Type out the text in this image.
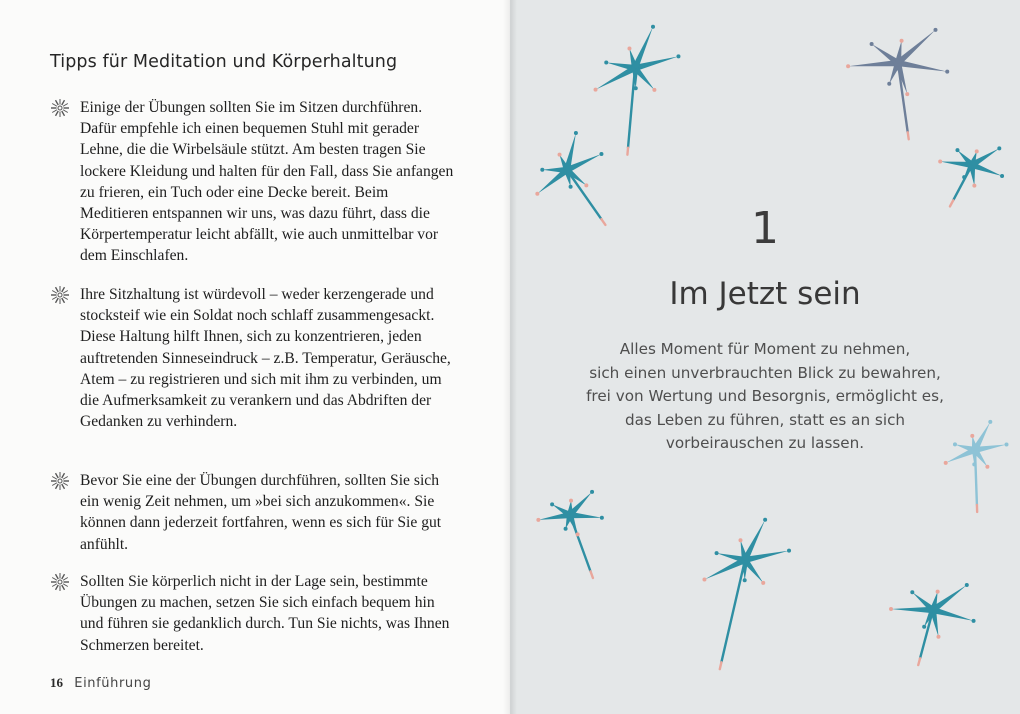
Tipps für Meditation und Körperhaltung

Einige der Übungen sollten Sie im Sitzen durchführen. Dafür empfehle ich einen bequemen Stuhl mit gerader Lehne, die die Wirbelsäule stützt. Am besten tragen Sie lockere Kleidung und halten für den Fall, dass Sie anfangen zu frieren, ein Tuch oder eine Decke bereit. Beim Meditieren entspannen wir uns, was dazu führt, dass die Körpertemperatur leicht abfällt, wie auch unmittelbar vor dem Einschlafen.

Ihre Sitzhaltung ist würdevoll – weder kerzengerade und stocksteif wie ein Soldat noch schlaff zusammengesackt. Diese Haltung hilft Ihnen, sich zu konzentrieren, jeden auftretenden Sinneseindruck – z.B. Temperatur, Geräusche, Atem – zu registrieren und sich mit ihm zu verbinden, um die Aufmerksamkeit zu verankern und das Abdriften der Gedanken zu verhindern.

Bevor Sie eine der Übungen durchführen, sollten Sie sich ein wenig Zeit nehmen, um »bei sich anzukommen«. Sie können dann jederzeit fortfahren, wenn es sich für Sie gut anfühlt.

Sollten Sie körperlich nicht in der Lage sein, bestimmte Übungen zu machen, setzen Sie sich einfach bequem hin und führen sie gedanklich durch. Tun Sie nichts, was Ihnen Schmerzen bereitet.

16 Einführung
1
Im Jetzt sein

Alles Moment für Moment zu nehmen,
sich einen unverbrauchten Blick zu bewahren,
frei von Wertung und Besorgnis, ermöglicht es,
das Leben zu führen, statt es an sich
vorbeirauschen zu lassen.
